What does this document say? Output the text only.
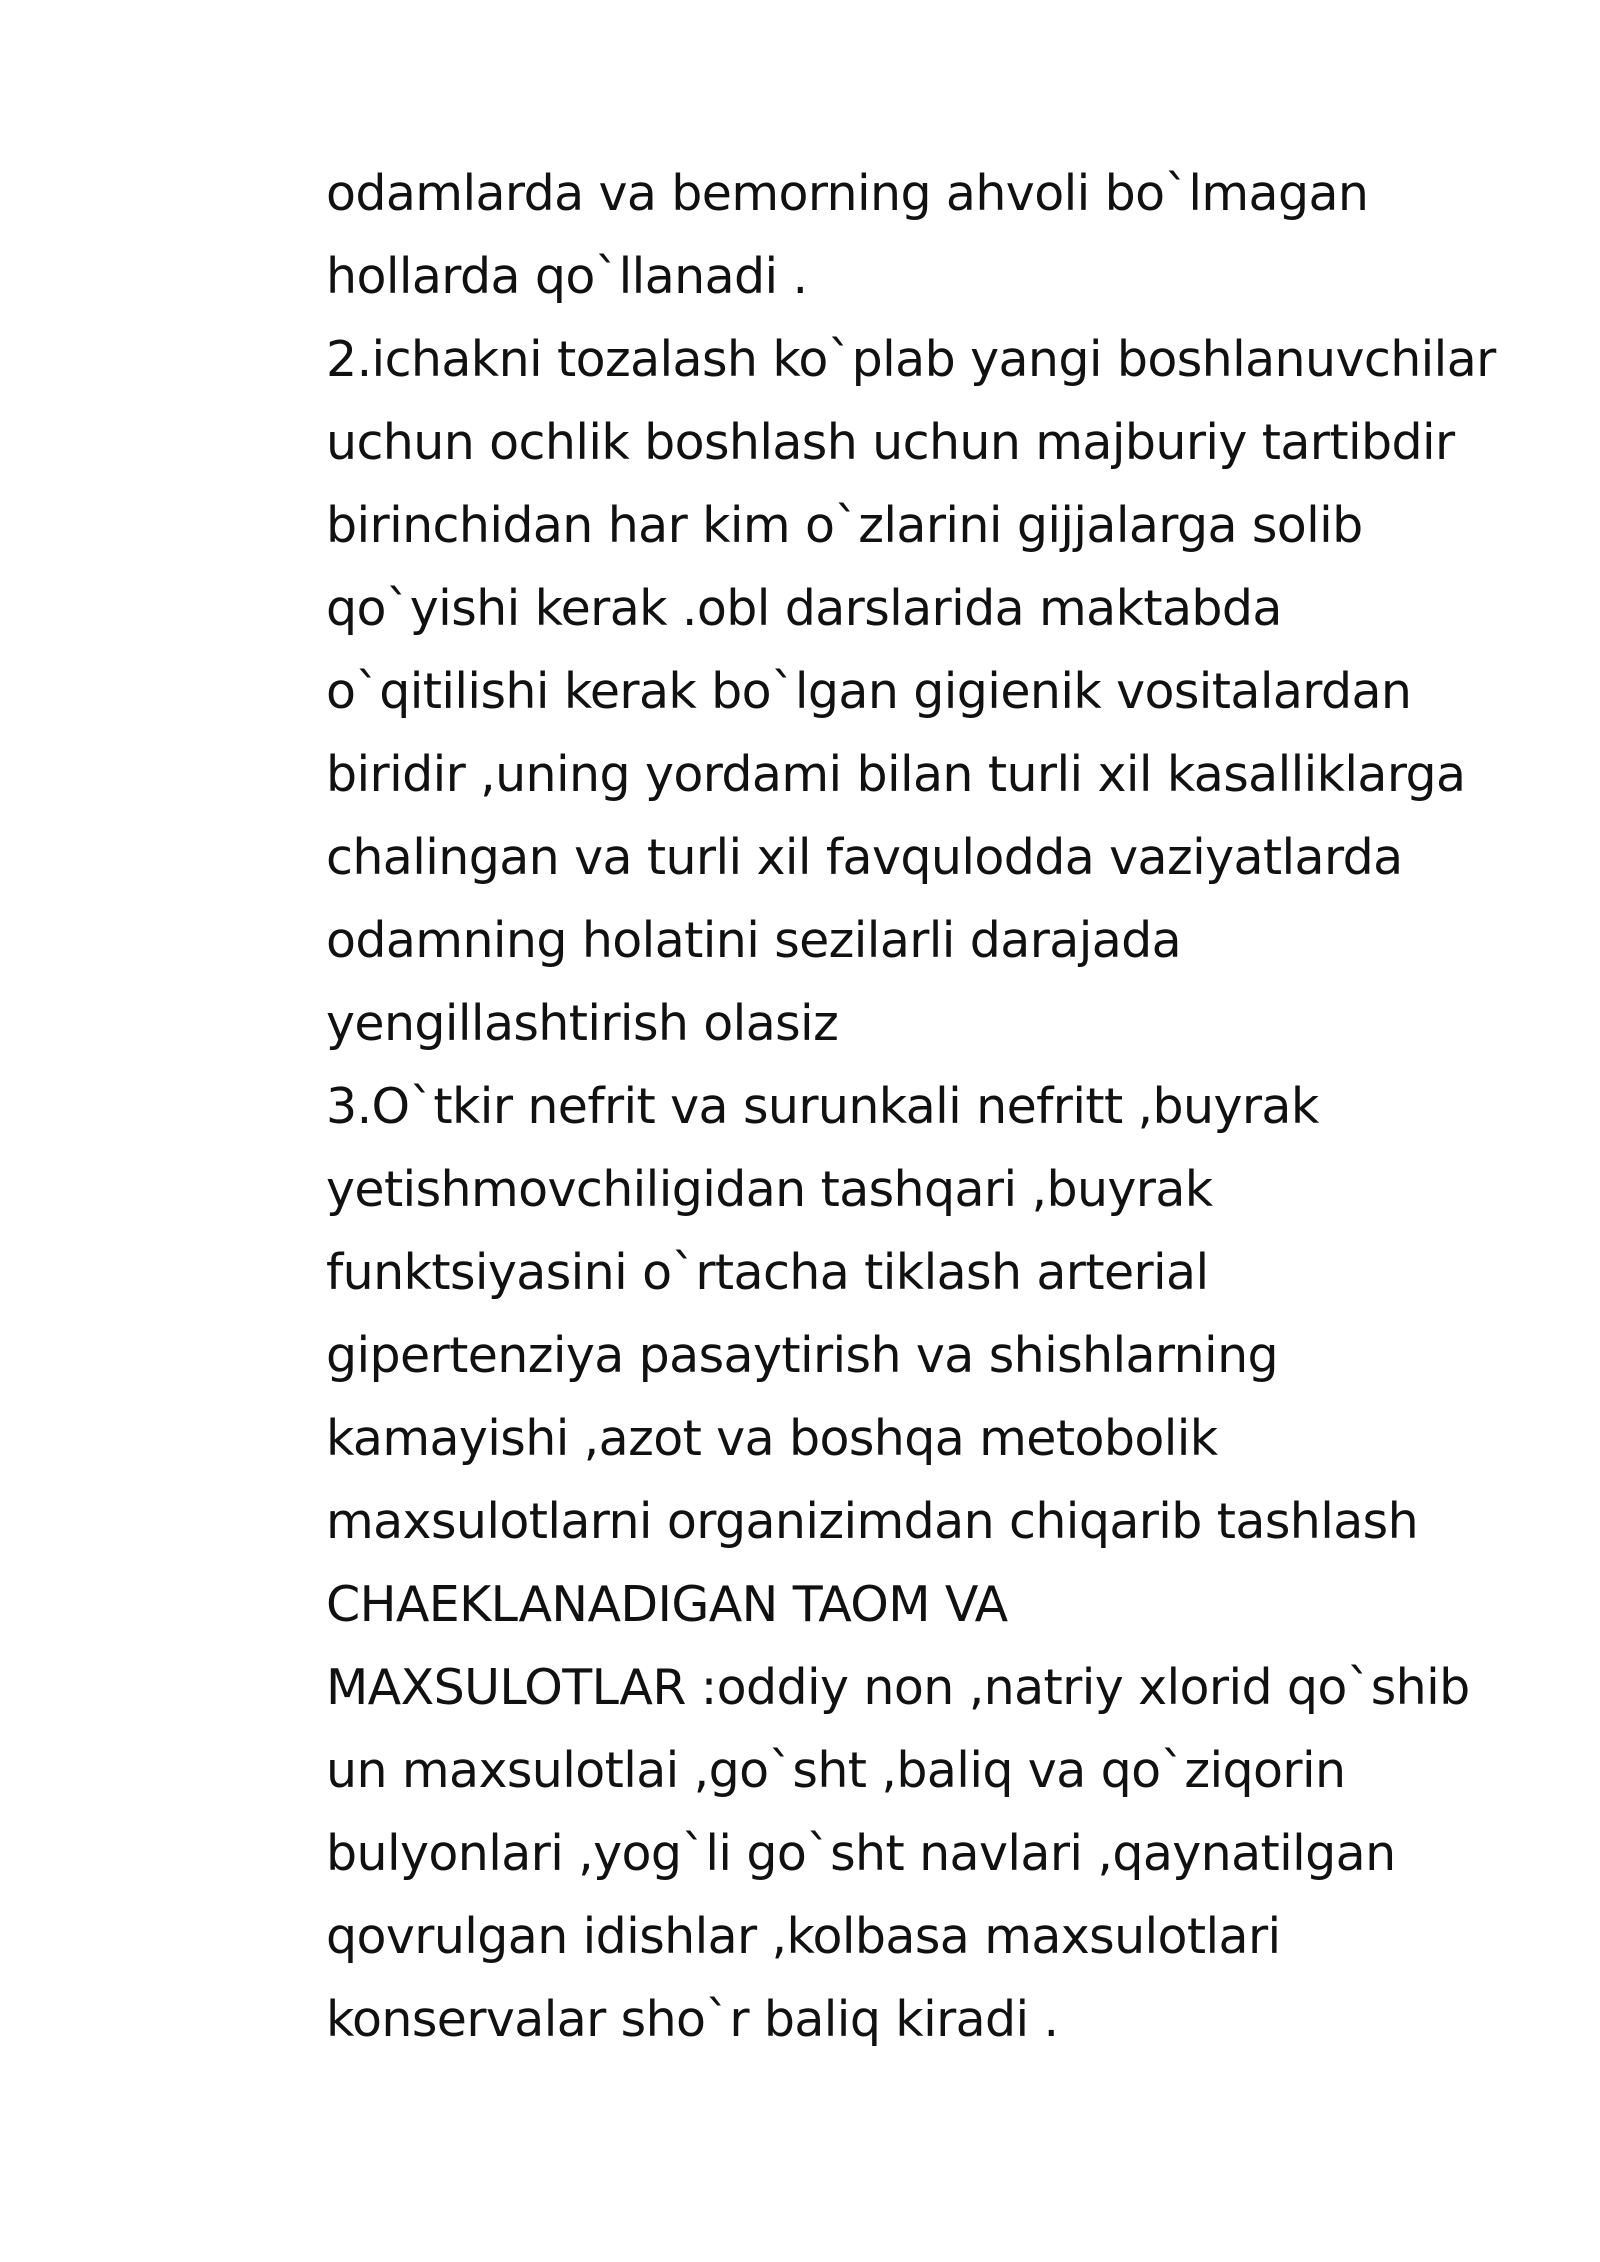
odamlarda va bemorning ahvoli bo`lmagan
hollarda qo`llanadi .
2.ichakni tozalash ko`plab yangi boshlanuvchilar
uchun ochlik boshlash uchun majburiy tartibdir
birinchidan har kim o`zlarini gijjalarga solib
qo`yishi kerak .obl darslarida maktabda
o`qitilishi kerak bo`lgan gigienik vositalardan
biridir ,uning yordami bilan turli xil kasalliklarga
chalingan va turli xil favqulodda vaziyatlarda
odamning holatini sezilarli darajada
yengillashtirish olasiz
3.O`tkir nefrit va surunkali nefritt ,buyrak
yetishmovchiligidan tashqari ,buyrak
funktsiyasini o`rtacha tiklash arterial
gipertenziya pasaytirish va shishlarning
kamayishi ,azot va boshqa metobolik
maxsulotlarni organizimdan chiqarib tashlash
CHAEKLANADIGAN TAOM VA
MAXSULOTLAR :oddiy non ,natriy xlorid qo`shib
un maxsulotlai ,go`sht ,baliq va qo`ziqorin
bulyonlari ,yog`li go`sht navlari ,qaynatilgan
qovrulgan idishlar ,kolbasa maxsulotlari
konservalar sho`r baliq kiradi .
